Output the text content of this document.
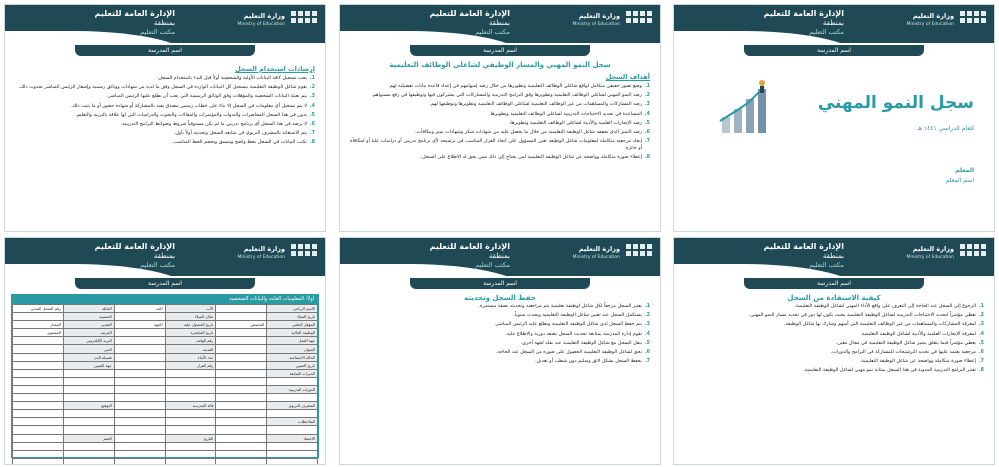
وزارة التعليم
Ministry of Education
الإدارة العامة للتعليم
بمنطقة
مكتب التعليم
اسم المدرسة
إرشادات استخدام السجل
1.
يجب تسجيل كافة البيانات الأولية والشخصية أولاً قبل البدء باستخدام السجل.
2.
يقوم شاغل الوظيفة التعليمية بتسجيل كل البيانات الواردة في السجل وفق ما لديه من شهادات ووثائق رسمية وإشعار الرئيس المباشر بحدوث ذلك.
3.
يتم تعبئة البيانات الشخصية والمؤهلات وفق الوثائق الرسمية التي يجب أن يطلع عليها الرئيس المباشر.
4.
لا يتم تسجيل أي معلومات في السجل إلا بناء على خطاب رسمي مصدق يفيد بالمشاركة أو شهادة حضور أو ما يثبت ذلك.
5.
يدون في هذا السجل المحاضرات والندوات والمؤتمرات والمقالات والبحوث والدراسات التي لها علاقة بالتربية والتعليم.
6.
لا يرصد في هذا السجل أي برنامج تدريبي ما لم يكن مستوفياً شروط وضوابط البرامج التدريبية.
7.
يتم الاستعانة بالمشرف التربوي في متابعة السجل وتحديثه أولاً بأول.
8.
تكتب البيانات في السجل بخط واضح ومنسق وبحجم الخط المناسب.
وزارة التعليم
Ministry of Education
الإدارة العامة للتعليم
بمنطقة
مكتب التعليم
اسم المدرسة
سجل النمو المهني والمسار الوظيفي لشاغلي الوظائف التعليمية
أهداف السجل
1.
وضع تصور حقيقي متكامل لواقع شاغلي الوظائف التعليمية وتطويرها من خلال رصد إسهامهم في إعداد قاعدة بيانات تفصيلية لهم.
2.
رصد النمو المهني لشاغلي الوظائف التعليمية وتطويرها وفق البرامج التدريبية والمشاركات التي يشتركون فيها وتوظيفها في رفع مستواهم.
3.
رصد المشاركات والمساهمات من غير الوظائف التعليمية لشاغلي الوظائف التعليمية وتطويرها وتوظيفها لهم.
4.
المساعدة في تحديد الاحتياجات التدريبية لشاغلي الوظائف التعليمية وتطويرها.
5.
رصد الإنجازات العلمية والأدبية لشاغلي الوظائف التعليمية وتطويرها.
6.
رصد التميز الذي يحققه شاغل الوظيفة التعليمية من خلال ما يحصل عليه من شهادات شكر وشهادات تميز ومكافآت.
7.
إيجاد مرجعية متكاملة لمعلومات شاغل الوظيفة تعين المسؤول على اتخاذ القرار المناسب في ترشيحه لأي برنامج تدريبي أو دراسات عليا أو لمكافأة أو جائزة.
8.
إعطاء صورة متكاملة وواضحة عن شاغل الوظيفة التعليمية لمن يحتاج إلى ذلك ممن يحق له الاطلاع على السجل.
وزارة التعليم
Ministry of Education
الإدارة العامة للتعليم
بمنطقة
مكتب التعليم
اسم المدرسة
سجل النمو المهني
للعام الدراسي ١٤٤١ هـ
المعلم
اسم المعلم
وزارة التعليم
Ministry of Education
الإدارة العامة للتعليم
بمنطقة
مكتب التعليم
اسم المدرسة
أولاً: المعلومات العامة والبيانات الشخصية
الاسم الرباعي		الأب	الجد	العائلة	رقم السجل المدني
تاريخ الميلاد		مكان الميلاد		الجنسية	
المؤهل العلمي	التخصص	تاريخ الحصول عليه	الجهة	التقدير	المعدل
الوظيفة الحالية		تاريخ المباشرة		المرتبة	المستوى
جهة العمل		رقم الهاتف		البريد الإلكتروني	
العنوان		المدينة		الحي	
الحالة الاجتماعية		عدد الأبناء		فصيلة الدم	
تاريخ التعيين		رقم القرار		جهة التعيين	
الخبرات السابقة					

الدورات التدريبية					

المشرف التربوي		قائد المدرسة		التوقيع	

الملاحظات					

الاعتماد		التاريخ		الختم	

وزارة التعليم
Ministry of Education
الإدارة العامة للتعليم
بمنطقة
مكتب التعليم
اسم المدرسة
حفظ السجل وتحديثه
1.
يعتبر السجل مرجعاً لكل شاغل لوظيفة تعليمية يتم مراجعته وتحديثه بصفة مستمرة.
2.
يستكمل السجل عند تعيين شاغل الوظيفة التعليمية ويحدث سنوياً.
3.
يتم حفظ السجل لدى شاغل الوظيفة التعليمية ويطلع عليه الرئيس المباشر.
4.
تقوم إدارة المدرسة بمتابعة تحديث السجل بصفة دورية والاطلاع عليه.
5.
ينقل السجل مع شاغل الوظيفة التعليمية عند نقله لجهة أخرى.
6.
يحق لشاغل الوظيفة التعليمية الحصول على صورة من السجل عند الحاجة.
7.
يحفظ السجل بشكل لائق وسليم دون شطب أو تعديل.
وزارة التعليم
Ministry of Education
الإدارة العامة للتعليم
بمنطقة
مكتب التعليم
اسم المدرسة
كيفية الاستفادة من السجل
1.
الرجوع إلى السجل عند الحاجة إلى التعرف على واقع الأداء المهني لشاغل الوظيفة التعليمية.
2.
تعطي مؤشراً لتحديد الاحتياجات التدريبية لشاغل الوظيفة التعليمية بحيث يكون لها دور في تحديد مسار النمو المهني.
3.
لمعرفة المشاركات والمساهمات من غير الوظائف التعليمية التي أسهم وشارك بها شاغل الوظيفة.
4.
لمعرفة الإنجازات العلمية والأدبية لشاغل الوظيفة التعليمية.
5.
يعطي مؤشراً فيما يتعلق بتميز شاغل الوظيفة التعليمية في مجال معين.
6.
مرجعية يعتمد عليها في تحديد الترشيحات للمشاركة في البرامج والدورات.
7.
إعطاء صورة متكاملة وواضحة عن شاغل الوظيفة التعليمية.
8.
تعتبر البرامج التدريبية المدونة في هذا السجل بمثابة نمو مهني لشاغل الوظيفة التعليمية.
